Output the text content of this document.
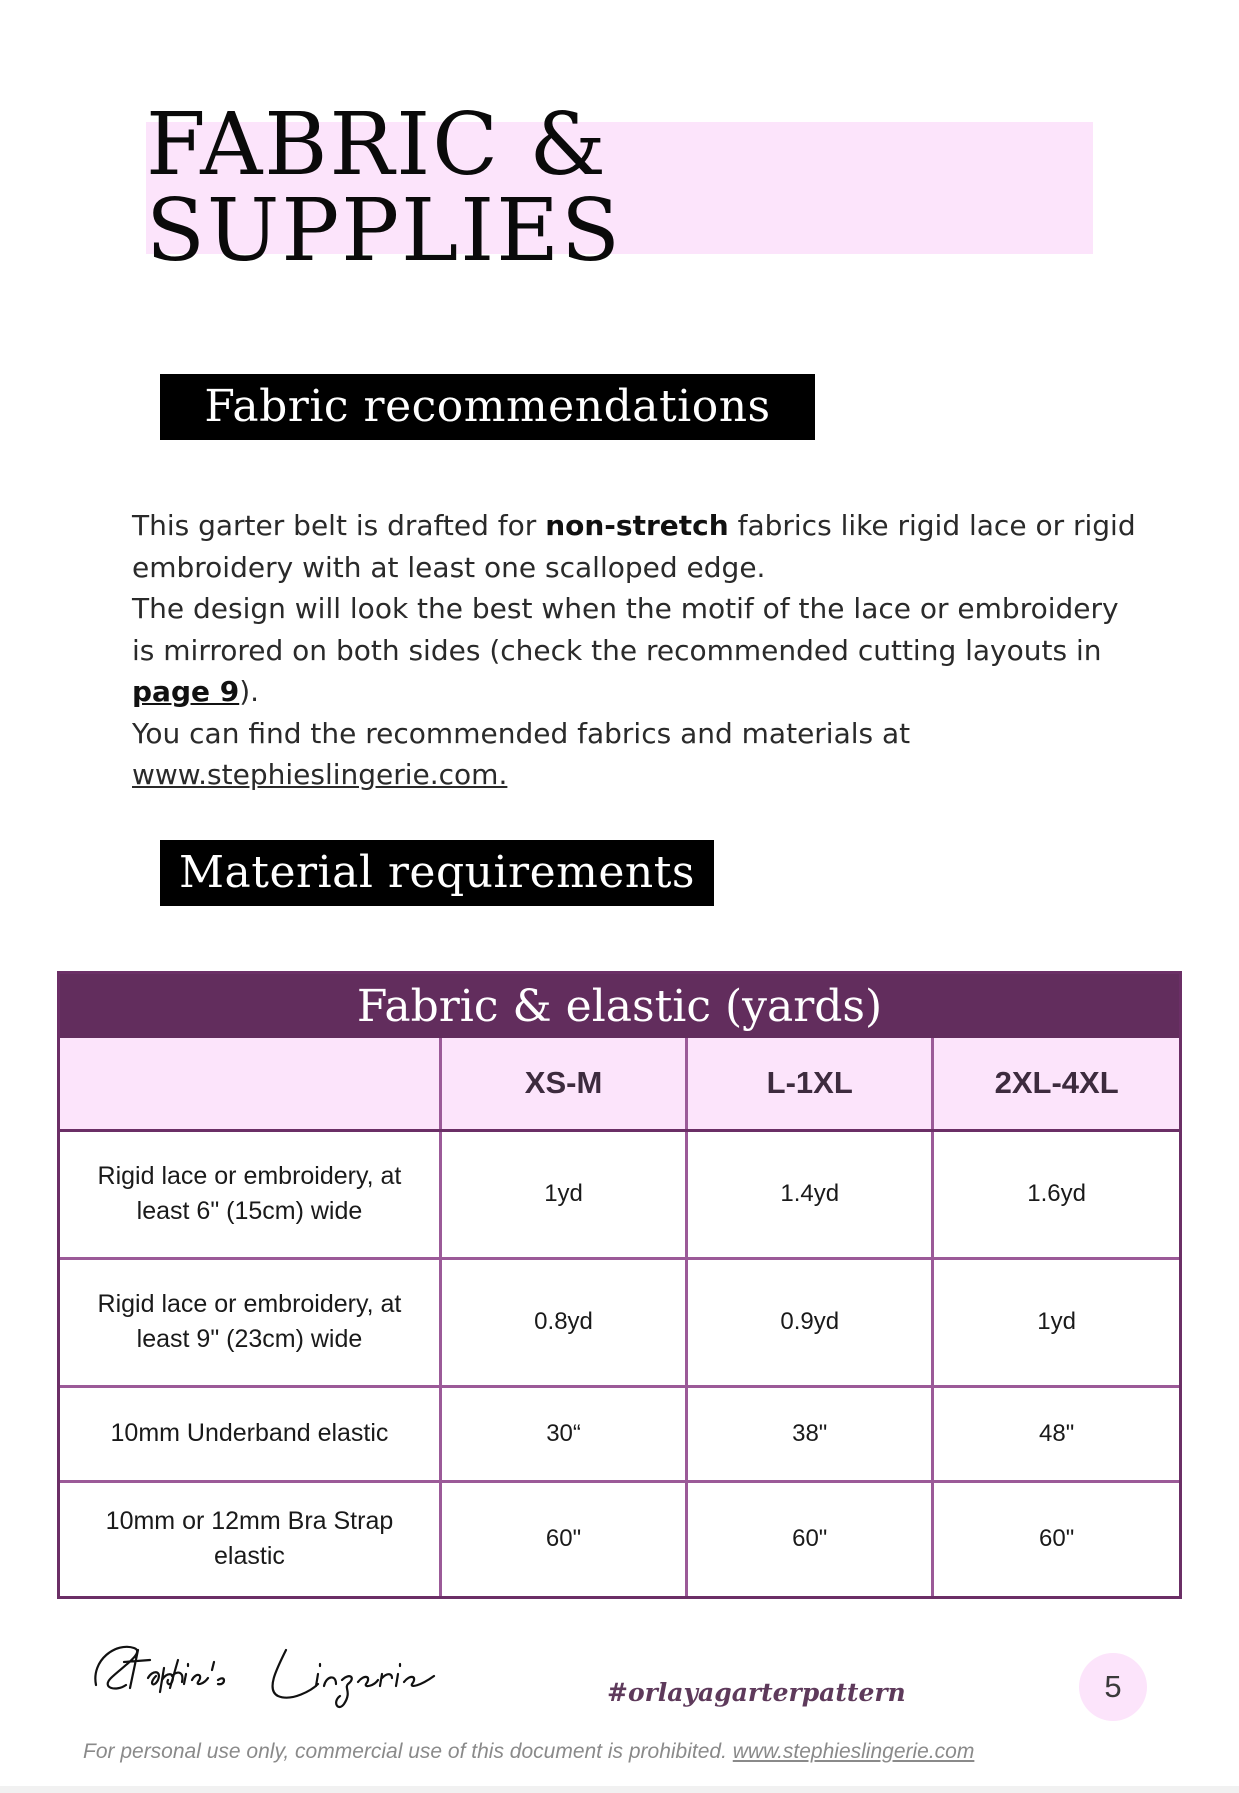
FABRIC & SUPPLIES
Fabric recommendations
This garter belt is drafted for non-stretch fabrics like rigid lace or rigid embroidery with at least one scalloped edge.
The design will look the best when the motif of the lace or embroidery is mirrored on both sides (check the recommended cutting layouts in page 9).
You can find the recommended fabrics and materials at
www.stephieslingerie.com.
Material requirements
Fabric & elastic (yards)
	XS-M	L-1XL	2XL-4XL
Rigid lace or embroidery, at least 6" (15cm) wide	1yd	1.4yd	1.6yd
Rigid lace or embroidery, at least 9" (23cm) wide	0.8yd	0.9yd	1yd
10mm Underband elastic	30“	38"	48"
10mm or 12mm Bra Strap elastic	60"	60"	60"
#orlayagarterpattern	5
For personal use only, commercial use of this document is prohibited. www.stephieslingerie.com
